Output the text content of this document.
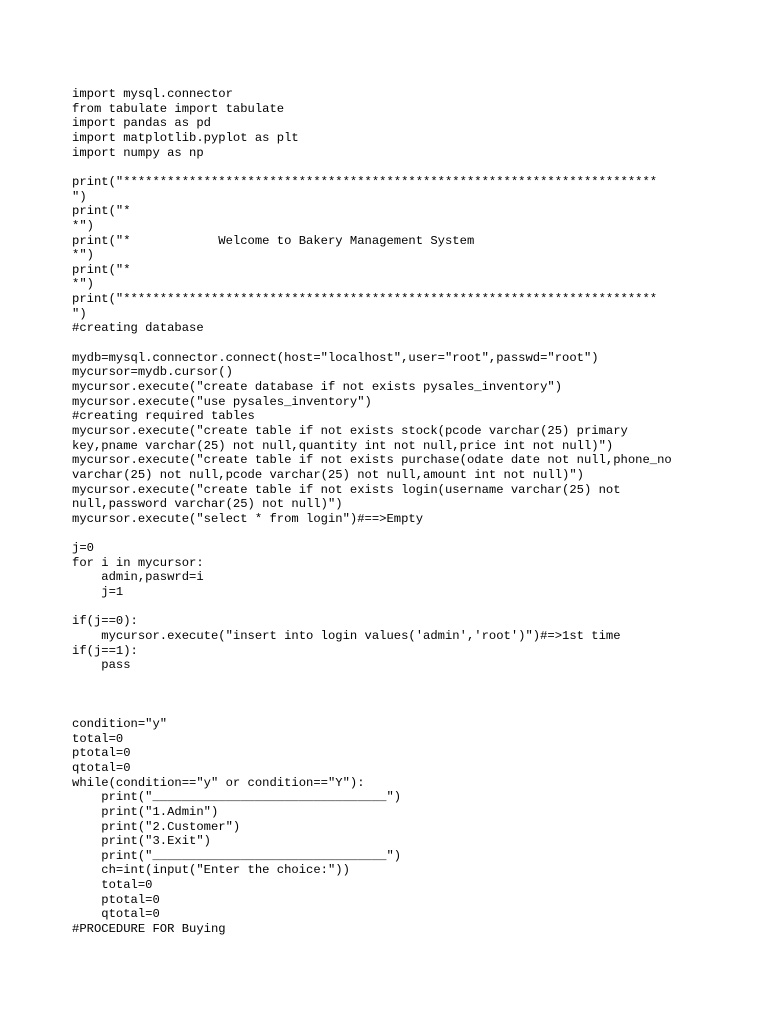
import mysql.connector
from tabulate import tabulate
import pandas as pd
import matplotlib.pyplot as plt
import numpy as np
print("*************************************************************************
")
print("*
*")
print("*            Welcome to Bakery Management System
*")
print("*
*")
print("*************************************************************************
")
#creating database
mydb=mysql.connector.connect(host="localhost",user="root",passwd="root")
mycursor=mydb.cursor()
mycursor.execute("create database if not exists pysales_inventory")
mycursor.execute("use pysales_inventory")
#creating required tables
mycursor.execute("create table if not exists stock(pcode varchar(25) primary
key,pname varchar(25) not null,quantity int not null,price int not null)")
mycursor.execute("create table if not exists purchase(odate date not null,phone_no
varchar(25) not null,pcode varchar(25) not null,amount int not null)")
mycursor.execute("create table if not exists login(username varchar(25) not
null,password varchar(25) not null)")
mycursor.execute("select * from login")#==>Empty
j=0
for i in mycursor:
admin,paswrd=i
j=1
if(j==0):
mycursor.execute("insert into login values('admin','root')")#=>1st time
if(j==1):
pass
condition="y"
total=0
ptotal=0
qtotal=0
while(condition=="y" or condition=="Y"):
print("________________________________")
print("1.Admin")
print("2.Customer")
print("3.Exit")
print("________________________________")
ch=int(input("Enter the choice:"))
total=0
ptotal=0
qtotal=0
#PROCEDURE FOR Buying
